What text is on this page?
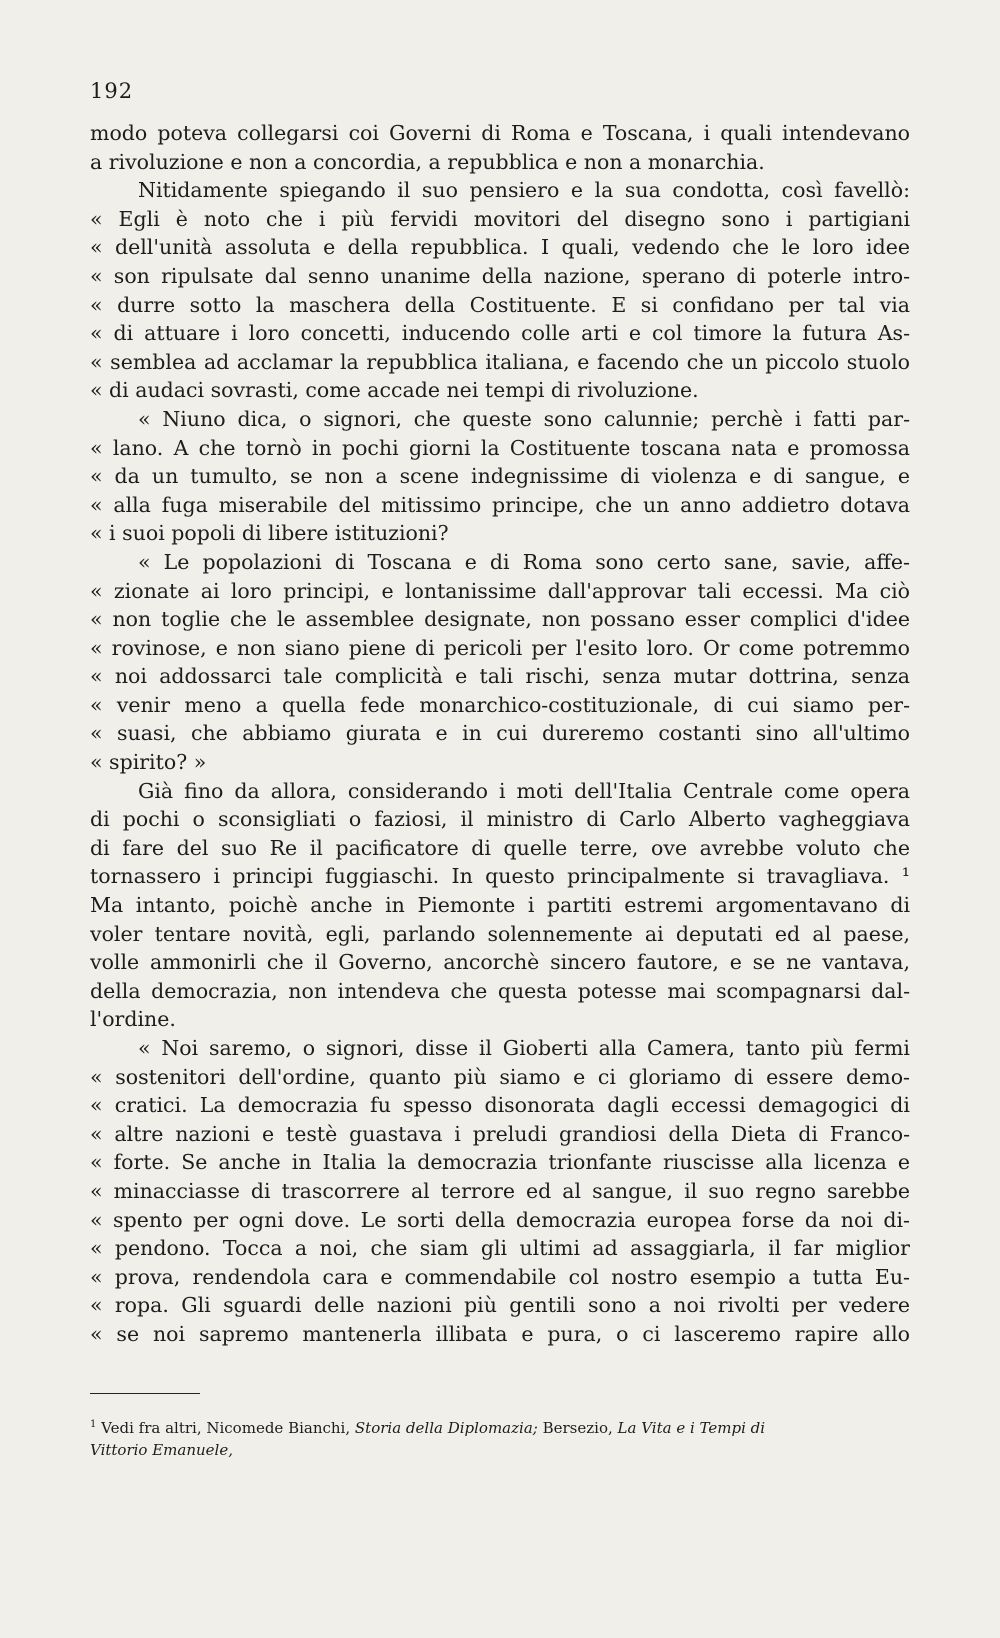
192
modo poteva collegarsi coi Governi di Roma e Toscana, i quali intendevano
a rivoluzione e non a concordia, a repubblica e non a monarchia.
Nitidamente spiegando il suo pensiero e la sua condotta, così favellò:
« Egli è noto che i più fervidi movitori del disegno sono i partigiani
« dell'unità assoluta e della repubblica. I quali, vedendo che le loro idee
« son ripulsate dal senno unanime della nazione, sperano di poterle intro-
« durre sotto la maschera della Costituente. E si confidano per tal via
« di attuare i loro concetti, inducendo colle arti e col timore la futura As-
« semblea ad acclamar la repubblica italiana, e facendo che un piccolo stuolo
« di audaci sovrasti, come accade nei tempi di rivoluzione.
« Niuno dica, o signori, che queste sono calunnie; perchè i fatti par-
« lano. A che tornò in pochi giorni la Costituente toscana nata e promossa
« da un tumulto, se non a scene indegnissime di violenza e di sangue, e
« alla fuga miserabile del mitissimo principe, che un anno addietro dotava
« i suoi popoli di libere istituzioni?
« Le popolazioni di Toscana e di Roma sono certo sane, savie, affe-
« zionate ai loro principi, e lontanissime dall'approvar tali eccessi. Ma ciò
« non toglie che le assemblee designate, non possano esser complici d'idee
« rovinose, e non siano piene di pericoli per l'esito loro. Or come potremmo
« noi addossarci tale complicità e tali rischi, senza mutar dottrina, senza
« venir meno a quella fede monarchico-costituzionale, di cui siamo per-
« suasi, che abbiamo giurata e in cui dureremo costanti sino all'ultimo
« spirito? »
Già fino da allora, considerando i moti dell'Italia Centrale come opera
di pochi o sconsigliati o faziosi, il ministro di Carlo Alberto vagheggiava
di fare del suo Re il pacificatore di quelle terre, ove avrebbe voluto che
tornassero i principi fuggiaschi. In questo principalmente si travagliava. ¹
Ma intanto, poichè anche in Piemonte i partiti estremi argomentavano di
voler tentare novità, egli, parlando solennemente ai deputati ed al paese,
volle ammonirli che il Governo, ancorchè sincero fautore, e se ne vantava,
della democrazia, non intendeva che questa potesse mai scompagnarsi dal-
l'ordine.
« Noi saremo, o signori, disse il Gioberti alla Camera, tanto più fermi
« sostenitori dell'ordine, quanto più siamo e ci gloriamo di essere demo-
« cratici. La democrazia fu spesso disonorata dagli eccessi demagogici di
« altre nazioni e testè guastava i preludi grandiosi della Dieta di Franco-
« forte. Se anche in Italia la democrazia trionfante riuscisse alla licenza e
« minacciasse di trascorrere al terrore ed al sangue, il suo regno sarebbe
« spento per ogni dove. Le sorti della democrazia europea forse da noi di-
« pendono. Tocca a noi, che siam gli ultimi ad assaggiarla, il far miglior
« prova, rendendola cara e commendabile col nostro esempio a tutta Eu-
« ropa. Gli sguardi delle nazioni più gentili sono a noi rivolti per vedere
« se noi sapremo mantenerla illibata e pura, o ci lasceremo rapire allo
$^1$ Vedi fra altri, Nicomede Bianchi, Storia della Diplomazia; Bersezio, La Vita e i Tempi di
Vittorio Emanuele,
